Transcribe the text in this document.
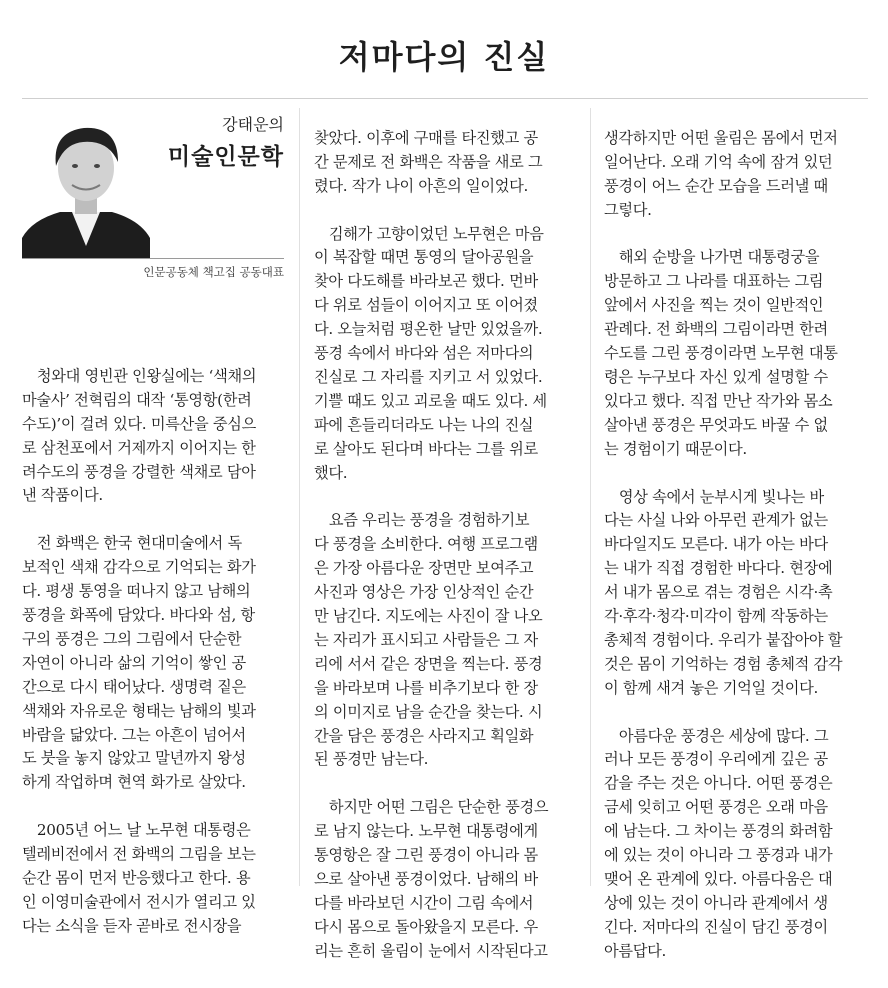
저마다의 진실
강태운의
미술인문학
인문공동체 책고집 공동대표

　청와대 영빈관 인왕실에는 ‘색채의
마술사’ 전혁림의 대작 ‘통영항(한려
수도)’이 걸려 있다. 미륵산을 중심으
로 삼천포에서 거제까지 이어지는 한
려수도의 풍경을 강렬한 색채로 담아
낸 작품이다.

　전 화백은 한국 현대미술에서 독
보적인 색채 감각으로 기억되는 화가
다. 평생 통영을 떠나지 않고 남해의
풍경을 화폭에 담았다. 바다와 섬, 항
구의 풍경은 그의 그림에서 단순한
자연이 아니라 삶의 기억이 쌓인 공
간으로 다시 태어났다. 생명력 짙은
색채와 자유로운 형태는 남해의 빛과
바람을 닮았다. 그는 아흔이 넘어서
도 붓을 놓지 않았고 말년까지 왕성
하게 작업하며 현역 화가로 살았다.

　2005년 어느 날 노무현 대통령은
텔레비전에서 전 화백의 그림을 보는
순간 몸이 먼저 반응했다고 한다. 용
인 이영미술관에서 전시가 열리고 있
다는 소식을 듣자 곧바로 전시장을

찾았다. 이후에 구매를 타진했고 공
간 문제로 전 화백은 작품을 새로 그
렸다. 작가 나이 아흔의 일이었다.

　김해가 고향이었던 노무현은 마음
이 복잡할 때면 통영의 달아공원을
찾아 다도해를 바라보곤 했다. 먼바
다 위로 섬들이 이어지고 또 이어졌
다. 오늘처럼 평온한 날만 있었을까.
풍경 속에서 바다와 섬은 저마다의
진실로 그 자리를 지키고 서 있었다.
기쁠 때도 있고 괴로울 때도 있다. 세
파에 흔들리더라도 나는 나의 진실
로 살아도 된다며 바다는 그를 위로
했다.

　요즘 우리는 풍경을 경험하기보
다 풍경을 소비한다. 여행 프로그램
은 가장 아름다운 장면만 보여주고
사진과 영상은 가장 인상적인 순간
만 남긴다. 지도에는 사진이 잘 나오
는 자리가 표시되고 사람들은 그 자
리에 서서 같은 장면을 찍는다. 풍경
을 바라보며 나를 비추기보다 한 장
의 이미지로 남을 순간을 찾는다. 시
간을 담은 풍경은 사라지고 획일화
된 풍경만 남는다.

　하지만 어떤 그림은 단순한 풍경으
로 남지 않는다. 노무현 대통령에게
통영항은 잘 그린 풍경이 아니라 몸
으로 살아낸 풍경이었다. 남해의 바
다를 바라보던 시간이 그림 속에서
다시 몸으로 돌아왔을지 모른다. 우
리는 흔히 울림이 눈에서 시작된다고

생각하지만 어떤 울림은 몸에서 먼저
일어난다. 오래 기억 속에 잠겨 있던
풍경이 어느 순간 모습을 드러낼 때
그렇다.

　해외 순방을 나가면 대통령궁을
방문하고 그 나라를 대표하는 그림
앞에서 사진을 찍는 것이 일반적인
관례다. 전 화백의 그림이라면 한려
수도를 그린 풍경이라면 노무현 대통
령은 누구보다 자신 있게 설명할 수
있다고 했다. 직접 만난 작가와 몸소
살아낸 풍경은 무엇과도 바꿀 수 없
는 경험이기 때문이다.

　영상 속에서 눈부시게 빛나는 바
다는 사실 나와 아무런 관계가 없는
바다일지도 모른다. 내가 아는 바다
는 내가 직접 경험한 바다다. 현장에
서 내가 몸으로 겪는 경험은 시각·촉
각·후각·청각·미각이 함께 작동하는
총체적 경험이다. 우리가 붙잡아야 할
것은 몸이 기억하는 경험 총체적 감각
이 함께 새겨 놓은 기억일 것이다.

　아름다운 풍경은 세상에 많다. 그
러나 모든 풍경이 우리에게 깊은 공
감을 주는 것은 아니다. 어떤 풍경은
금세 잊히고 어떤 풍경은 오래 마음
에 남는다. 그 차이는 풍경의 화려함
에 있는 것이 아니라 그 풍경과 내가
맺어 온 관계에 있다. 아름다움은 대
상에 있는 것이 아니라 관계에서 생
긴다. 저마다의 진실이 담긴 풍경이
아름답다.
